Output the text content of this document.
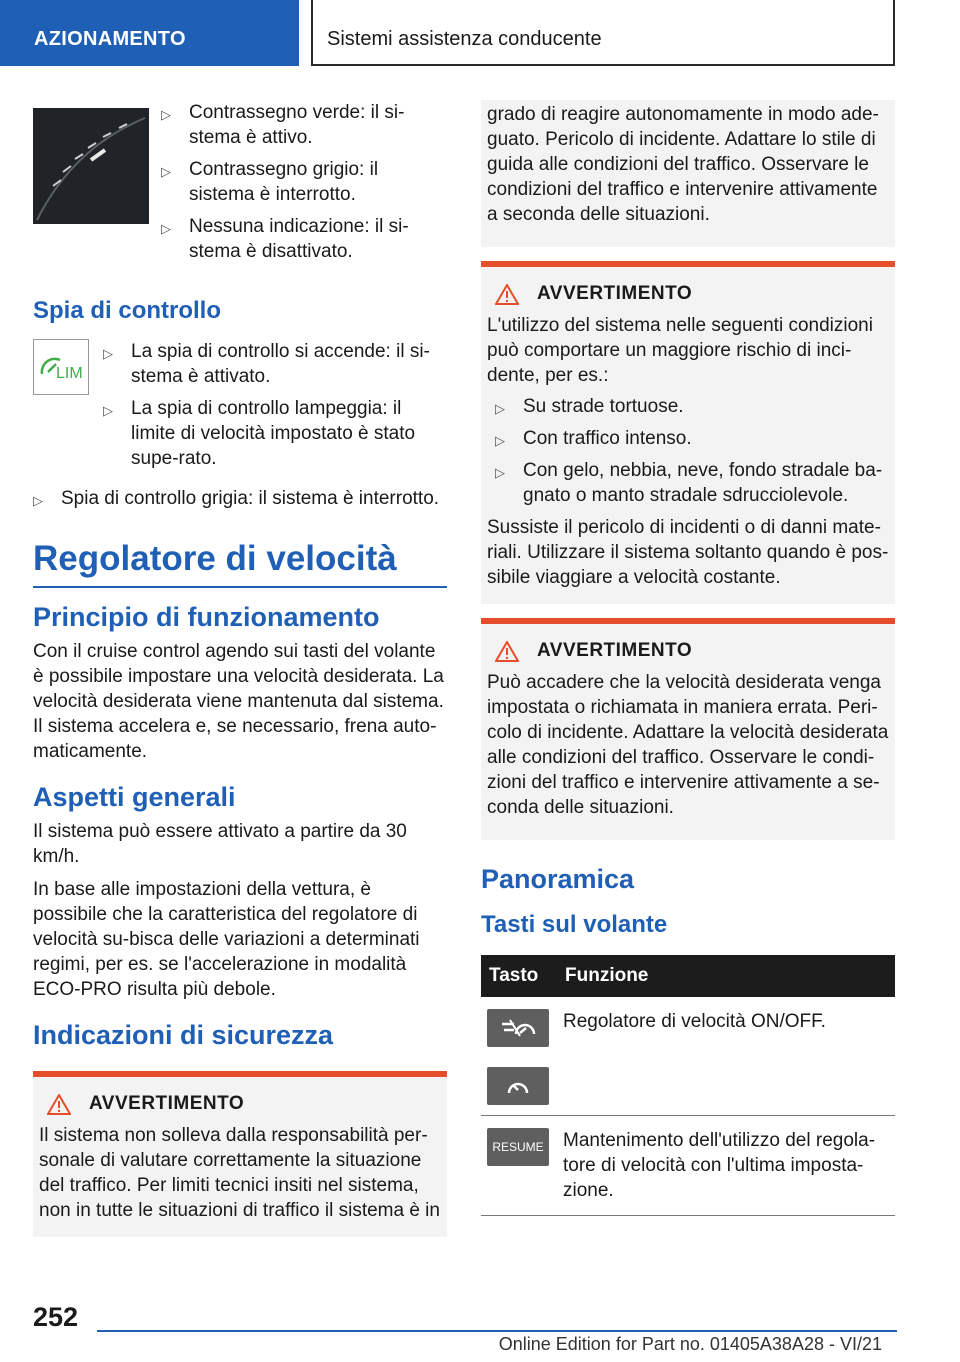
AZIONAMENTO	Sistemi assistenza conducente
▷ Contrassegno verde: il si-stema è attivo.
▷ Contrassegno grigio: il sistema è interrotto.
▷ Nessuna indicazione: il si-stema è disattivato.
Spia di controllo
LIM
▷ La spia di controllo si accende: il si-stema è attivato.
▷ La spia di controllo lampeggia: il limite di velocità impostato è stato supe-rato.
▷ Spia di controllo grigia: il sistema è interrotto.
Regolatore di velocità
Principio di funzionamento

Con il cruise control agendo sui tasti del volante è possibile impostare una velocità desiderata. La velocità desiderata viene mantenuta dal sistema. Il sistema accelera e, se necessario, frena auto-maticamente.

Aspetti generali

Il sistema può essere attivato a partire da 30 km/h.

In base alle impostazioni della vettura, è possibile che la caratteristica del regolatore di velocità su-bisca delle variazioni a determinati regimi, per es. se l'accelerazione in modalità ECO-PRO risulta più debole.

Indicazioni di sicurezza
AVVERTIMENTO

Il sistema non solleva dalla responsabilità per-sonale di valutare correttamente la situazione del traffico. Per limiti tecnici insiti nel sistema, non in tutte le situazioni di traffico il sistema è in

grado di reagire autonomamente in modo ade-guato. Pericolo di incidente. Adattare lo stile di guida alle condizioni del traffico. Osservare le condizioni del traffico e intervenire attivamente a seconda delle situazioni.

AVVERTIMENTO

L'utilizzo del sistema nelle seguenti condizioni può comportare un maggiore rischio di inci-dente, per es.:

▷ Su strade tortuose.
▷ Con traffico intenso.
▷ Con gelo, nebbia, neve, fondo stradale ba-gnato o manto stradale sdrucciolevole.

Sussiste il pericolo di incidenti o di danni mate-riali. Utilizzare il sistema soltanto quando è pos-sibile viaggiare a velocità costante.

AVVERTIMENTO

Può accadere che la velocità desiderata venga impostata o richiamata in maniera errata. Peri-colo di incidente. Adattare la velocità desiderata alle condizioni del traffico. Osservare le condi-zioni del traffico e intervenire attivamente a se-conda delle situazioni.

Panoramica
Tasti sul volante
Tasto	Funzione

	Regolatore di velocità ON/OFF.

RESUME	Mantenimento dell'utilizzo del regola-tore di velocità con l'ultima imposta-zione.
252
Online Edition for Part no. 01405A38A28 - VI/21
